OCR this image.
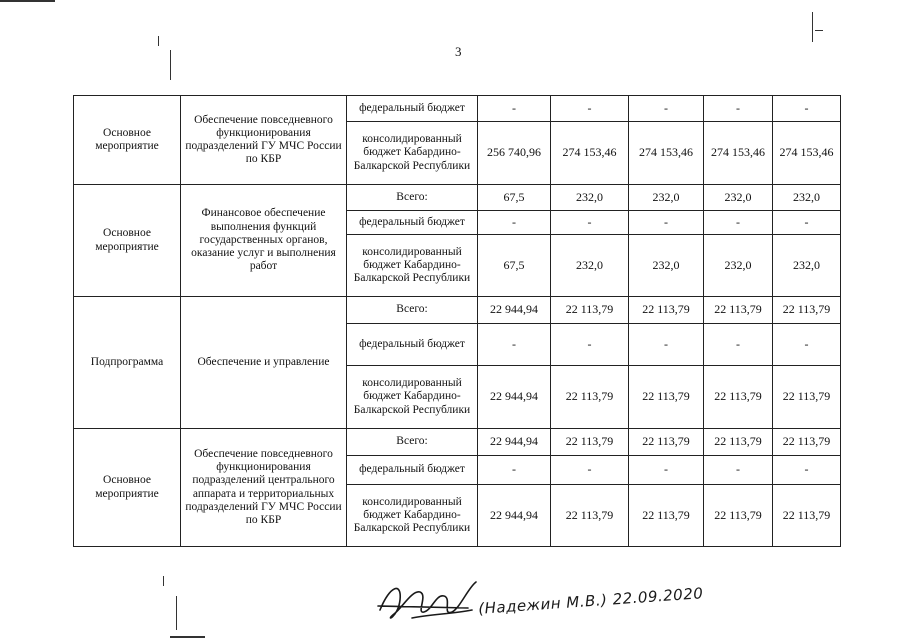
3
Основное мероприятие	Обеспечение повседневного функционирования подразделений ГУ МЧС России по КБР	федеральный бюджет	-	-	-	-	-
		консолидированный бюджет Кабардино-Балкарской Республики	256 740,96	274 153,46	274 153,46	274 153,46	274 153,46
Основное мероприятие	Финансовое обеспечение выполнения функций государственных органов, оказание услуг и выполнения работ	Всего:	67,5	232,0	232,0	232,0	232,0
		федеральный бюджет	-	-	-	-	-
		консолидированный бюджет Кабардино-Балкарской Республики	67,5	232,0	232,0	232,0	232,0
Подпрограмма	Обеспечение и управление	Всего:	22 944,94	22 113,79	22 113,79	22 113,79	22 113,79
		федеральный бюджет	-	-	-	-	-
		консолидированный бюджет Кабардино-Балкарской Республики	22 944,94	22 113,79	22 113,79	22 113,79	22 113,79
Основное мероприятие	Обеспечение повседневного функционирования подразделений центрального аппарата и территориальных подразделений ГУ МЧС России по КБР	Всего:	22 944,94	22 113,79	22 113,79	22 113,79	22 113,79
		федеральный бюджет	-	-	-	-	-
		консолидированный бюджет Кабардино-Балкарской Республики	22 944,94	22 113,79	22 113,79	22 113,79	22 113,79
(Надежин М.В.) 22.09.2020
